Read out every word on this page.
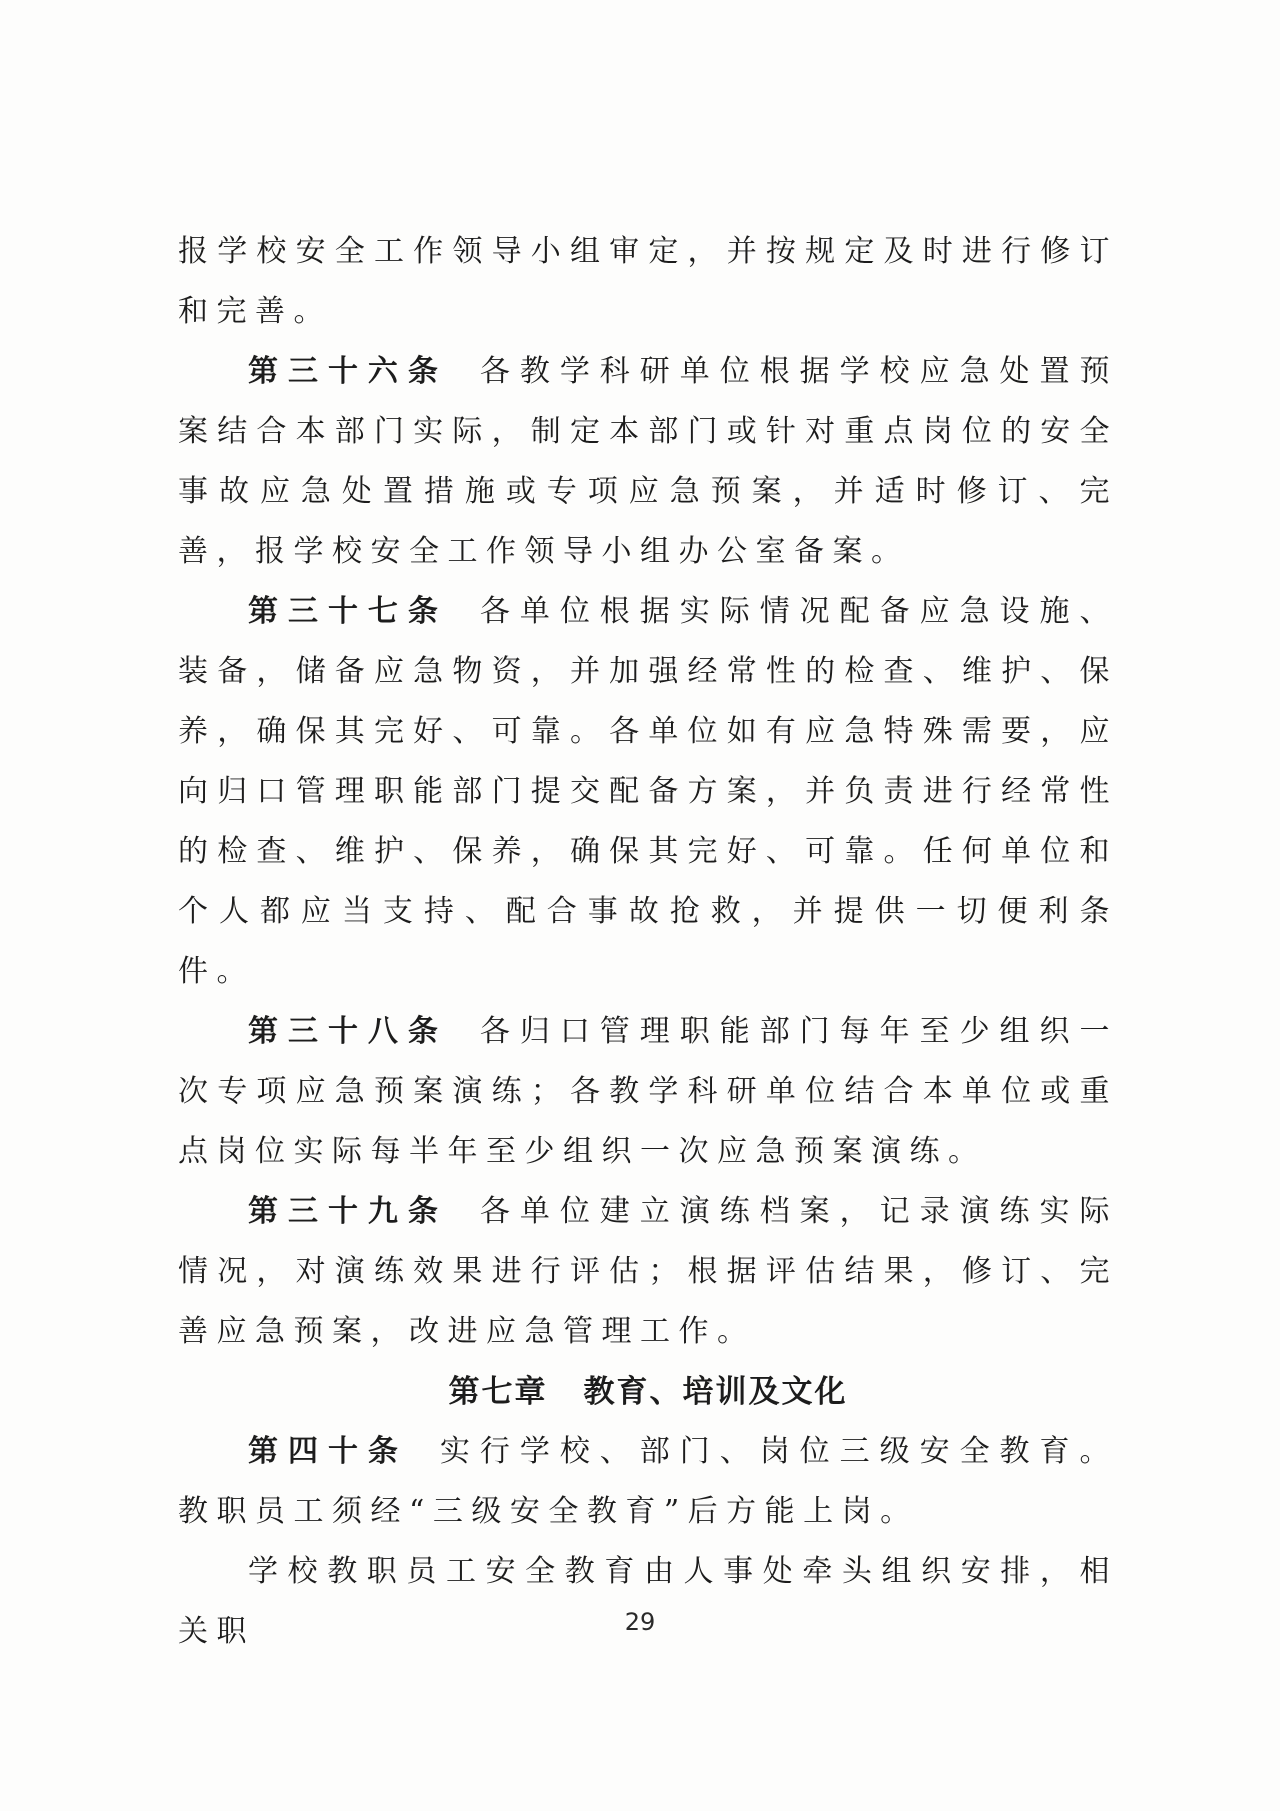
报学校安全工作领导小组审定，并按规定及时进行修订和完善。

第三十六条 各教学科研单位根据学校应急处置预案结合本部门实际，制定本部门或针对重点岗位的安全事故应急处置措施或专项应急预案，并适时修订、完善，报学校安全工作领导小组办公室备案。

第三十七条 各单位根据实际情况配备应急设施、装备，储备应急物资，并加强经常性的检查、维护、保养，确保其完好、可靠。各单位如有应急特殊需要，应向归口管理职能部门提交配备方案，并负责进行经常性的检查、维护、保养，确保其完好、可靠。任何单位和个人都应当支持、配合事故抢救，并提供一切便利条件。

第三十八条 各归口管理职能部门每年至少组织一次专项应急预案演练；各教学科研单位结合本单位或重点岗位实际每半年至少组织一次应急预案演练。

第三十九条 各单位建立演练档案，记录演练实际情况，对演练效果进行评估；根据评估结果，修订、完善应急预案，改进应急管理工作。

第七章 教育、培训及文化

第四十条 实行学校、部门、岗位三级安全教育。教职员工须经“三级安全教育”后方能上岗。

学校教职员工安全教育由人事处牵头组织安排，相关职	29
